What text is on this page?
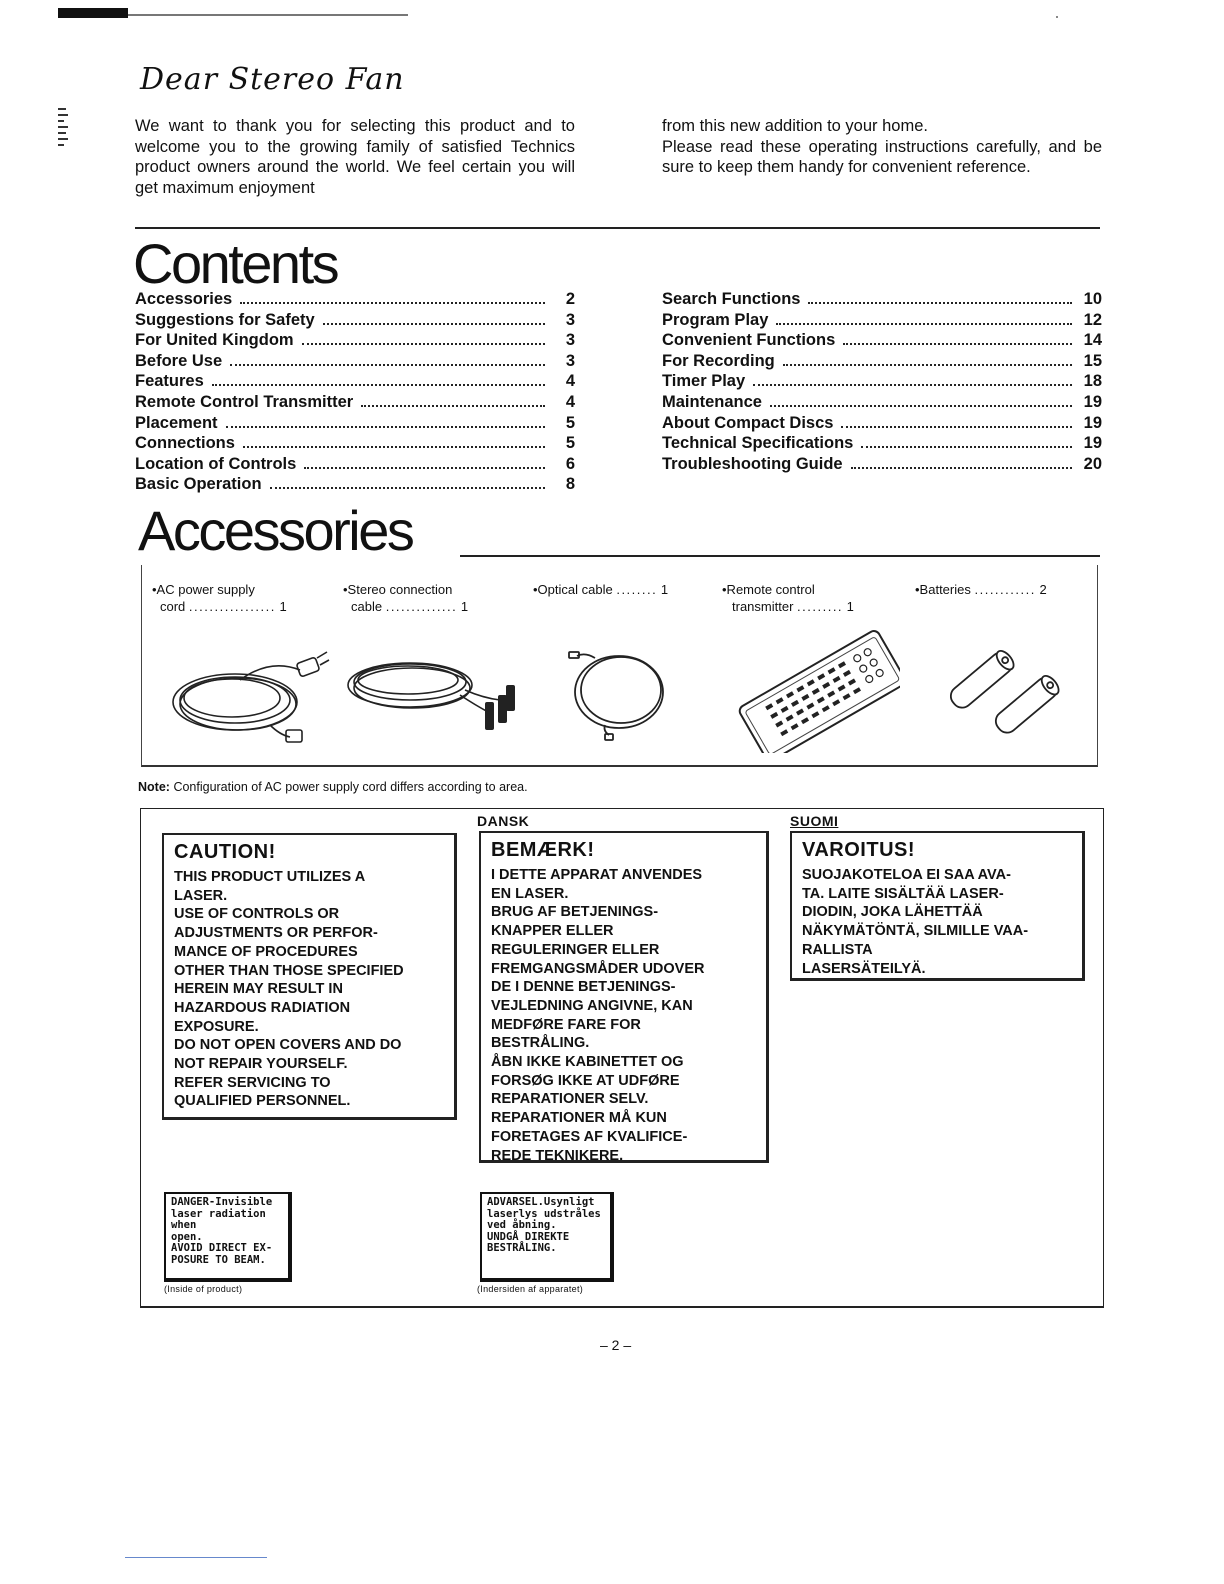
Dear Stereo Fan
We want to thank you for selecting this product and to welcome you to the growing family of satisfied Technics product owners around the world. We feel certain you will get maximum enjoyment
from this new addition to your home.
Please read these operating instructions carefully, and be sure to keep them handy for convenient reference.
Contents
Accessories	2
Suggestions for Safety	3
For United Kingdom	3
Before Use	3
Features	4
Remote Control Transmitter	4
Placement	5
Connections	5
Location of Controls	6
Basic Operation	8
Search Functions	10
Program Play	12
Convenient Functions	14
For Recording	15
Timer Play	18
Maintenance	19
About Compact Discs	19
Technical Specifications	19
Troubleshooting Guide	20
Accessories
•AC power supply
cord ................. 1
•Stereo connection
cable .............. 1
•Optical cable ........ 1	•Remote control
transmitter ......... 1
•Batteries ............ 2
Note: Configuration of AC power supply cord differs according to area.
DANSK	SUOMI
CAUTION!
THIS PRODUCT UTILIZES A
LASER.
USE OF CONTROLS OR
ADJUSTMENTS OR PERFOR-
MANCE OF PROCEDURES
OTHER THAN THOSE SPECIFIED
HEREIN MAY RESULT IN
HAZARDOUS RADIATION
EXPOSURE.
DO NOT OPEN COVERS AND DO
NOT REPAIR YOURSELF.
REFER SERVICING TO
QUALIFIED PERSONNEL.
BEMÆRK!
I DETTE APPARAT ANVENDES
EN LASER.
BRUG AF BETJENINGS-
KNAPPER ELLER
REGULERINGER ELLER
FREMGANGSMÅDER UDOVER
DE I DENNE BETJENINGS-
VEJLEDNING ANGIVNE, KAN
MEDFØRE FARE FOR
BESTRÅLING.
ÅBN IKKE KABINETTET OG
FORSØG IKKE AT UDFØRE
REPARATIONER SELV.
REPARATIONER MÅ KUN
FORETAGES AF KVALIFICE-
REDE TEKNIKERE.
VAROITUS!
SUOJAKOTELOA EI SAA AVA-
TA. LAITE SISÄLTÄÄ LASER-
DIODIN, JOKA LÄHETTÄÄ
NÄKYMÄTÖNTÄ, SILMILLE VAA-
RALLISTA
LASERSÄTEILYÄ.
DANGER-Invisible
laser radiation when
open.
AVOID DIRECT EX-
POSURE TO BEAM.
(Inside of product)
ADVARSEL.Usynligt
laserlys udstråles
ved åbning.
UNDGÅ DIREKTE
BESTRÅLING.
(Indersiden af apparatet)
– 2 –
